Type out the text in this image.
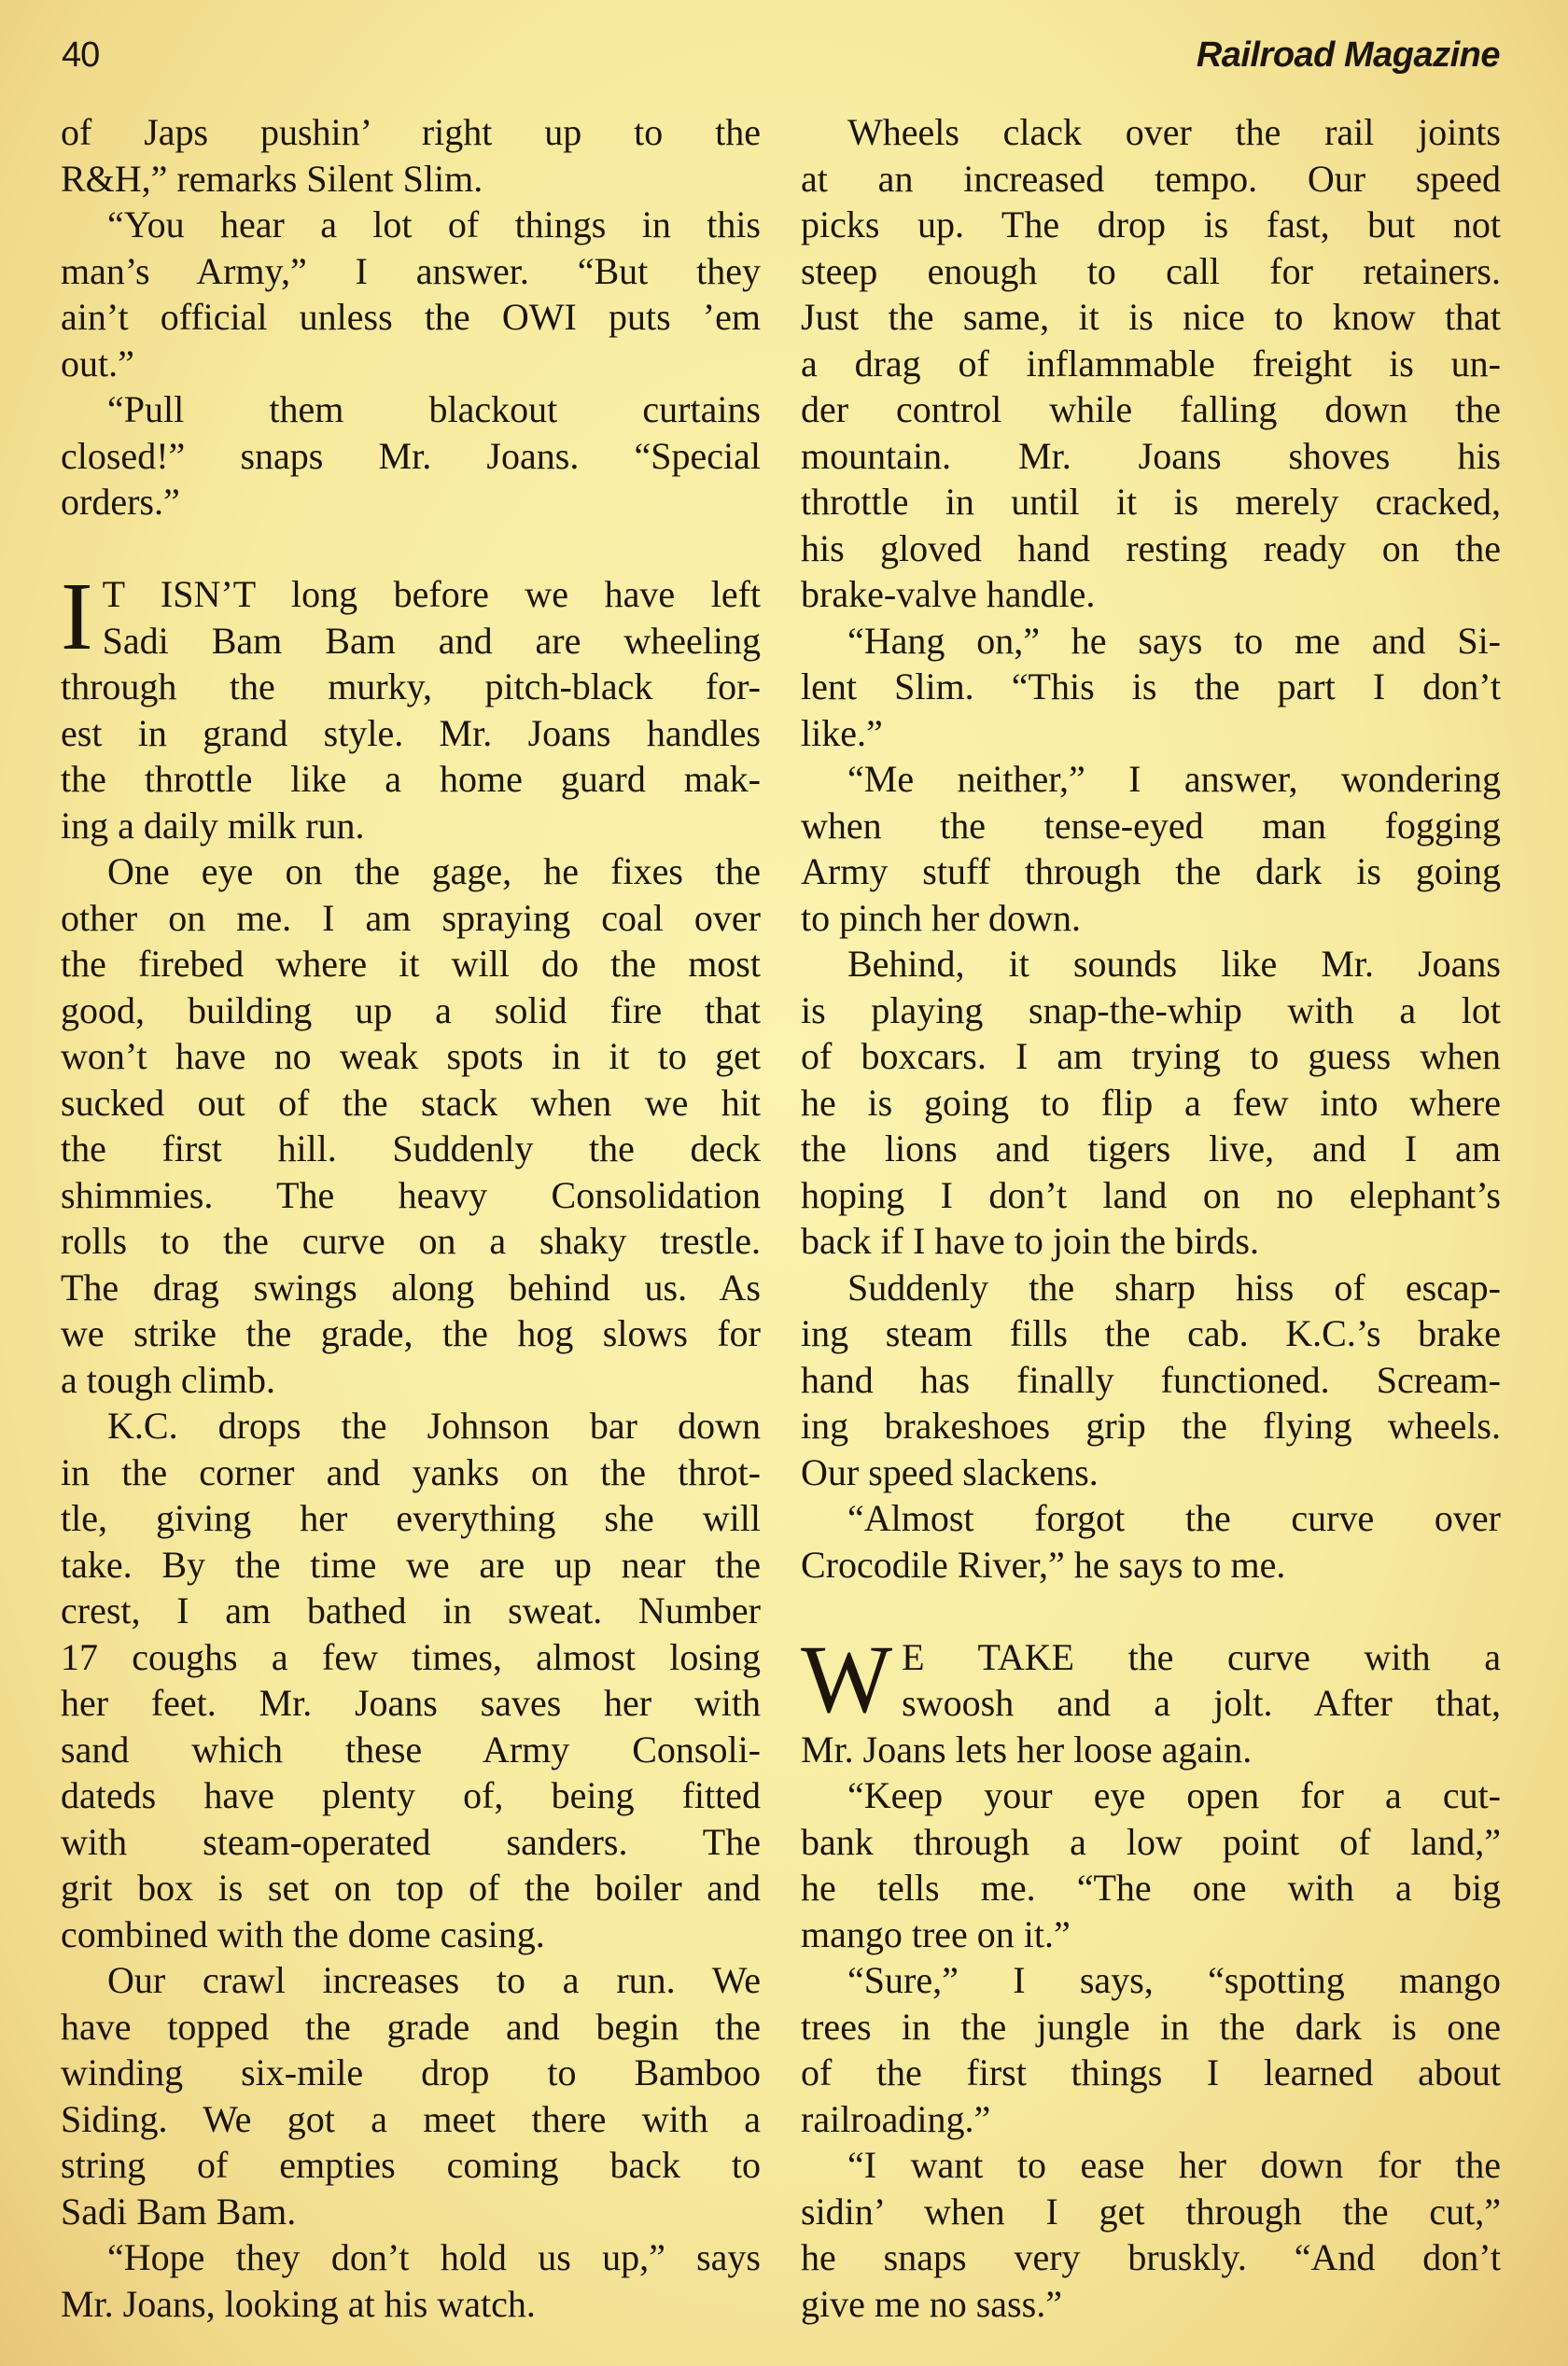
40	Railroad Magazine
of Japs pushin’ right up to the
R&H,” remarks Silent Slim.
“You hear a lot of things in this
man’s Army,” I answer. “But they
ain’t official unless the OWI puts ’em
out.”
“Pull them blackout curtains
closed!” snaps Mr. Joans. “Special
orders.”
I T ISN’T long before we have left
Sadi Bam Bam and are wheeling
through the murky, pitch-black for-
est in grand style. Mr. Joans handles
the throttle like a home guard mak-
ing a daily milk run.
One eye on the gage, he fixes the
other on me. I am spraying coal over
the firebed where it will do the most
good, building up a solid fire that
won’t have no weak spots in it to get
sucked out of the stack when we hit
the first hill. Suddenly the deck
shimmies. The heavy Consolidation
rolls to the curve on a shaky trestle.
The drag swings along behind us. As
we strike the grade, the hog slows for
a tough climb.
K.C. drops the Johnson bar down
in the corner and yanks on the throt-
tle, giving her everything she will
take. By the time we are up near the
crest, I am bathed in sweat. Number
17 coughs a few times, almost losing
her feet. Mr. Joans saves her with
sand which these Army Consoli-
dateds have plenty of, being fitted
with steam-operated sanders. The
grit box is set on top of the boiler and
combined with the dome casing.
Our crawl increases to a run. We
have topped the grade and begin the
winding six-mile drop to Bamboo
Siding. We got a meet there with a
string of empties coming back to
Sadi Bam Bam.
“Hope they don’t hold us up,” says
Mr. Joans, looking at his watch.
Wheels clack over the rail joints
at an increased tempo. Our speed
picks up. The drop is fast, but not
steep enough to call for retainers.
Just the same, it is nice to know that
a drag of inflammable freight is un-
der control while falling down the
mountain. Mr. Joans shoves his
throttle in until it is merely cracked,
his gloved hand resting ready on the
brake-valve handle.
“Hang on,” he says to me and Si-
lent Slim. “This is the part I don’t
like.”
“Me neither,” I answer, wondering
when the tense-eyed man fogging
Army stuff through the dark is going
to pinch her down.
Behind, it sounds like Mr. Joans
is playing snap-the-whip with a lot
of boxcars. I am trying to guess when
he is going to flip a few into where
the lions and tigers live, and I am
hoping I don’t land on no elephant’s
back if I have to join the birds.
Suddenly the sharp hiss of escap-
ing steam fills the cab. K.C.’s brake
hand has finally functioned. Scream-
ing brakeshoes grip the flying wheels.
Our speed slackens.
“Almost forgot the curve over
Crocodile River,” he says to me.
W E TAKE the curve with a
swoosh and a jolt. After that,
Mr. Joans lets her loose again.
“Keep your eye open for a cut-
bank through a low point of land,”
he tells me. “The one with a big
mango tree on it.”
“Sure,” I says, “spotting mango
trees in the jungle in the dark is one
of the first things I learned about
railroading.”
“I want to ease her down for the
sidin’ when I get through the cut,”
he snaps very bruskly. “And don’t
give me no sass.”
